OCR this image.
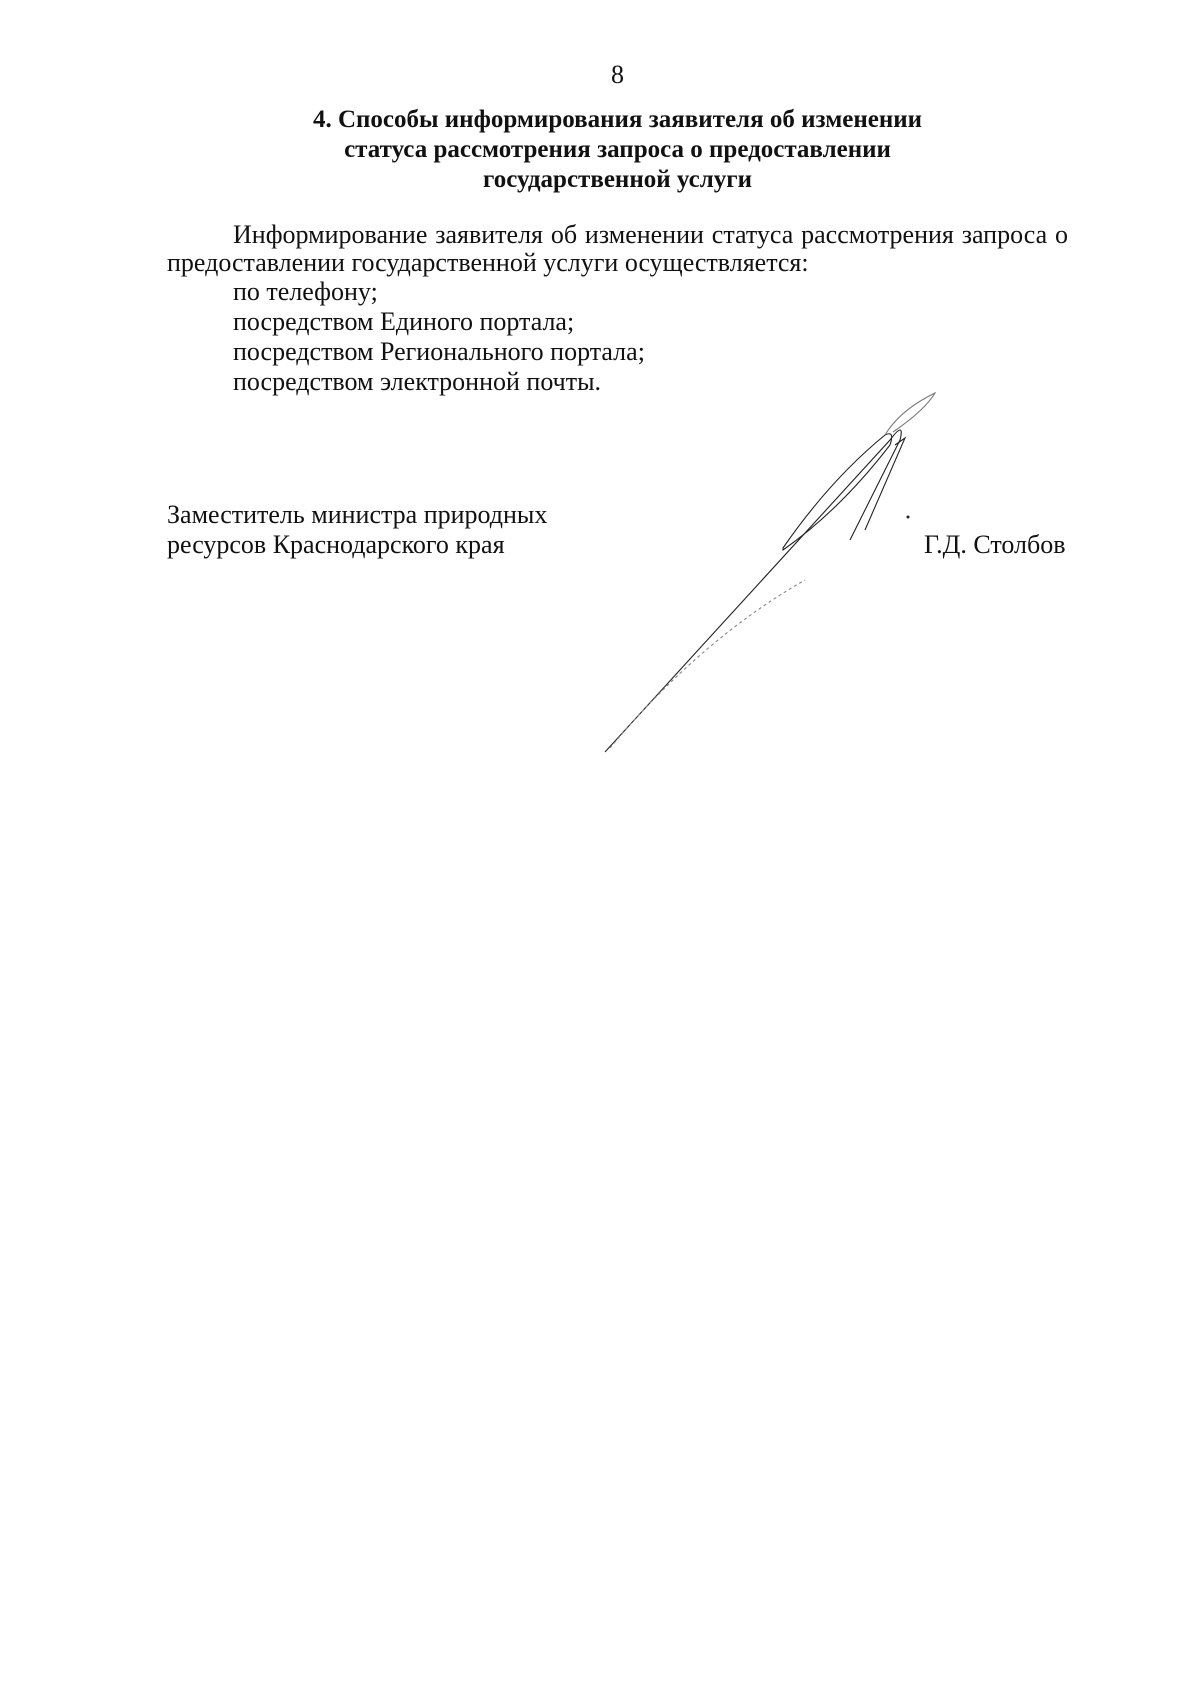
8
4. Способы информирования заявителя об изменении
статуса рассмотрения запроса о предоставлении
государственной услуги
Информирование заявителя об изменении статуса рассмотрения запроса о
предоставлении государственной услуги осуществляется:
по телефону;
посредством Единого портала;
посредством Регионального портала;
посредством электронной почты.
Заместитель министра природных
ресурсов Краснодарского края	Г.Д. Столбов
